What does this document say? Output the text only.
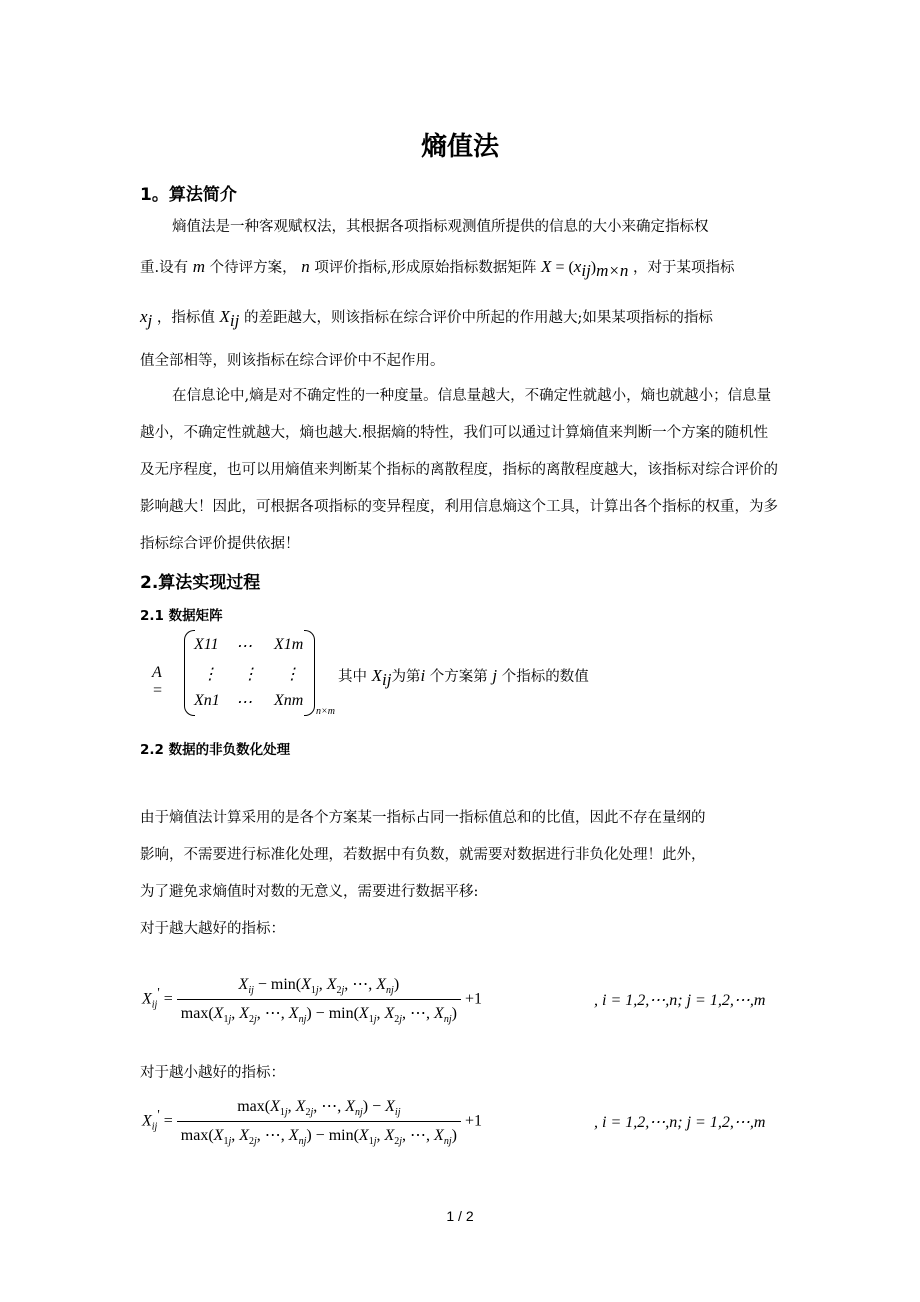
熵值法
1。算法简介
熵值法是一种客观赋权法，其根据各项指标观测值所提供的信息的大小来确定指标权
重.设有 m 个待评方案， n 项评价指标,形成原始指标数据矩阵 $X = (x_{ij})_{m\times n}$ ，对于某项指标
$x_j$ ，指标值 $X_{ij}$ 的差距越大，则该指标在综合评价中所起的作用越大;如果某项指标的指标
值全部相等，则该指标在综合评价中不起作用。

在信息论中,熵是对不确定性的一种度量。信息量越大，不确定性就越小，熵也就越小；信息量越小，不确定性就越大，熵也越大.根据熵的特性，我们可以通过计算熵值来判断一个方案的随机性及无序程度，也可以用熵值来判断某个指标的离散程度，指标的离散程度越大，该指标对综合评价的影响越大！因此，可根据各项指标的变异程度，利用信息熵这个工具，计算出各个指标的权重，为多指标综合评价提供依据！

2.算法实现过程
2.1 数据矩阵
A =
X11 ⋯ X1m
⋮ ⋮ ⋮
Xn1 ⋯ Xnm
n×m
其中 $X_{ij}$为第i 个方案第 j 个指标的数值
2.2 数据的非负数化处理
由于熵值法计算采用的是各个方案某一指标占同一指标值总和的比值，因此不存在量纲的
影响，不需要进行标准化处理，若数据中有负数，就需要对数据进行非负化处理！此外，
为了避免求熵值时对数的无意义，需要进行数据平移:
对于越大越好的指标：
$X_{ij}' = \frac{X_{ij} - \min(X_{1j}, X_{2j}, \cdots, X_{nj})}{\max(X_{1j}, X_{2j}, \cdots, X_{nj}) - \min(X_{1j}, X_{2j}, \cdots, X_{nj})} +1$	, i = 1,2,⋯,n; j = 1,2,⋯,m
对于越小越好的指标：
$X_{ij}' = \frac{\max(X_{1j}, X_{2j}, \cdots, X_{nj}) - X_{ij}}{\max(X_{1j}, X_{2j}, \cdots, X_{nj}) - \min(X_{1j}, X_{2j}, \cdots, X_{nj})} +1$	, i = 1,2,⋯,n; j = 1,2,⋯,m
1 / 2
